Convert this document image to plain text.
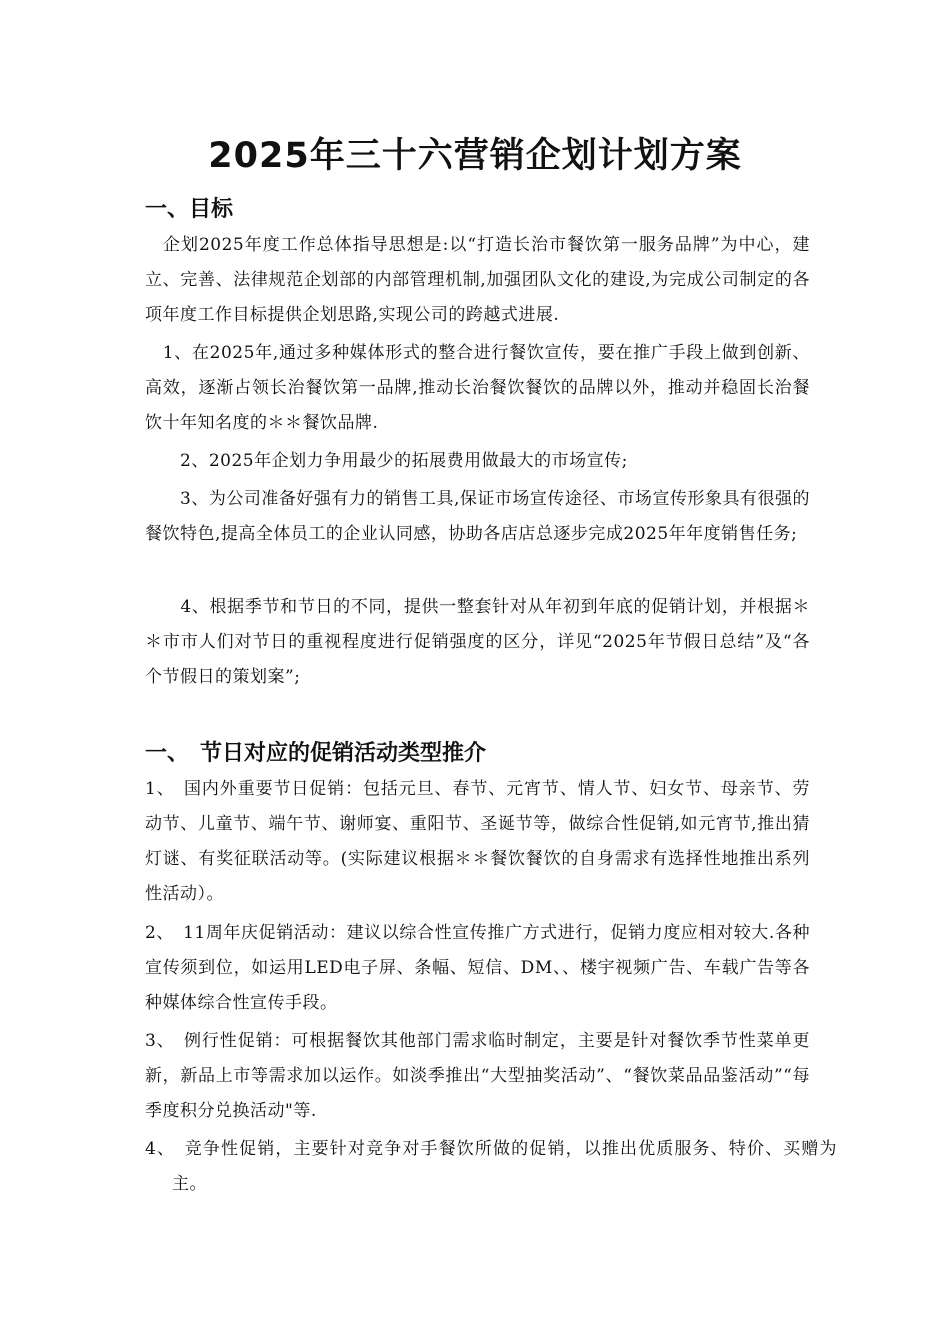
2025年三十六营销企划计划方案
一、目标
　企划2025年度工作总体指导思想是:以“打造长治市餐饮第一服务品牌”为中心，建立、完善、法律规范企划部的内部管理机制,加强团队文化的建设,为完成公司制定的各项年度工作目标提供企划思路,实现公司的跨越式进展.
　1、在2025年,通过多种媒体形式的整合进行餐饮宣传，要在推广手段上做到创新、高效，逐渐占领长治餐饮第一品牌,推动长治餐饮餐饮的品牌以外，推动并稳固长治餐饮十年知名度的＊＊餐饮品牌.
　　2、2025年企划力争用最少的拓展费用做最大的市场宣传;
　　3、为公司准备好强有力的销售工具,保证市场宣传途径、市场宣传形象具有很强的餐饮特色,提高全体员工的企业认同感，协助各店店总逐步完成2025年年度销售任务;
　　4、根据季节和节日的不同，提供一整套针对从年初到年底的促销计划，并根据＊＊市市人们对节日的重视程度进行促销强度的区分，详见“2025年节假日总结”及“各个节假日的策划案”;
一、　节日对应的促销活动类型推介
1、　国内外重要节日促销：包括元旦、春节、元宵节、情人节、妇女节、母亲节、劳动节、儿童节、端午节、谢师宴、重阳节、圣诞节等，做综合性促销,如元宵节,推出猜灯谜、有奖征联活动等。(实际建议根据＊＊餐饮餐饮的自身需求有选择性地推出系列性活动）。
2、　11周年庆促销活动：建议以综合性宣传推广方式进行，促销力度应相对较大.各种宣传须到位，如运用LED电子屏、条幅、短信、DM、、楼宇视频广告、车载广告等各种媒体综合性宣传手段。
3、　例行性促销：可根据餐饮其他部门需求临时制定，主要是针对餐饮季节性菜单更新，新品上市等需求加以运作。如淡季推出“大型抽奖活动”、“餐饮菜品品鉴活动”“每季度积分兑换活动"等.
4、　竞争性促销，主要针对竞争对手餐饮所做的促销，以推出优质服务、特价、买赠为主。
